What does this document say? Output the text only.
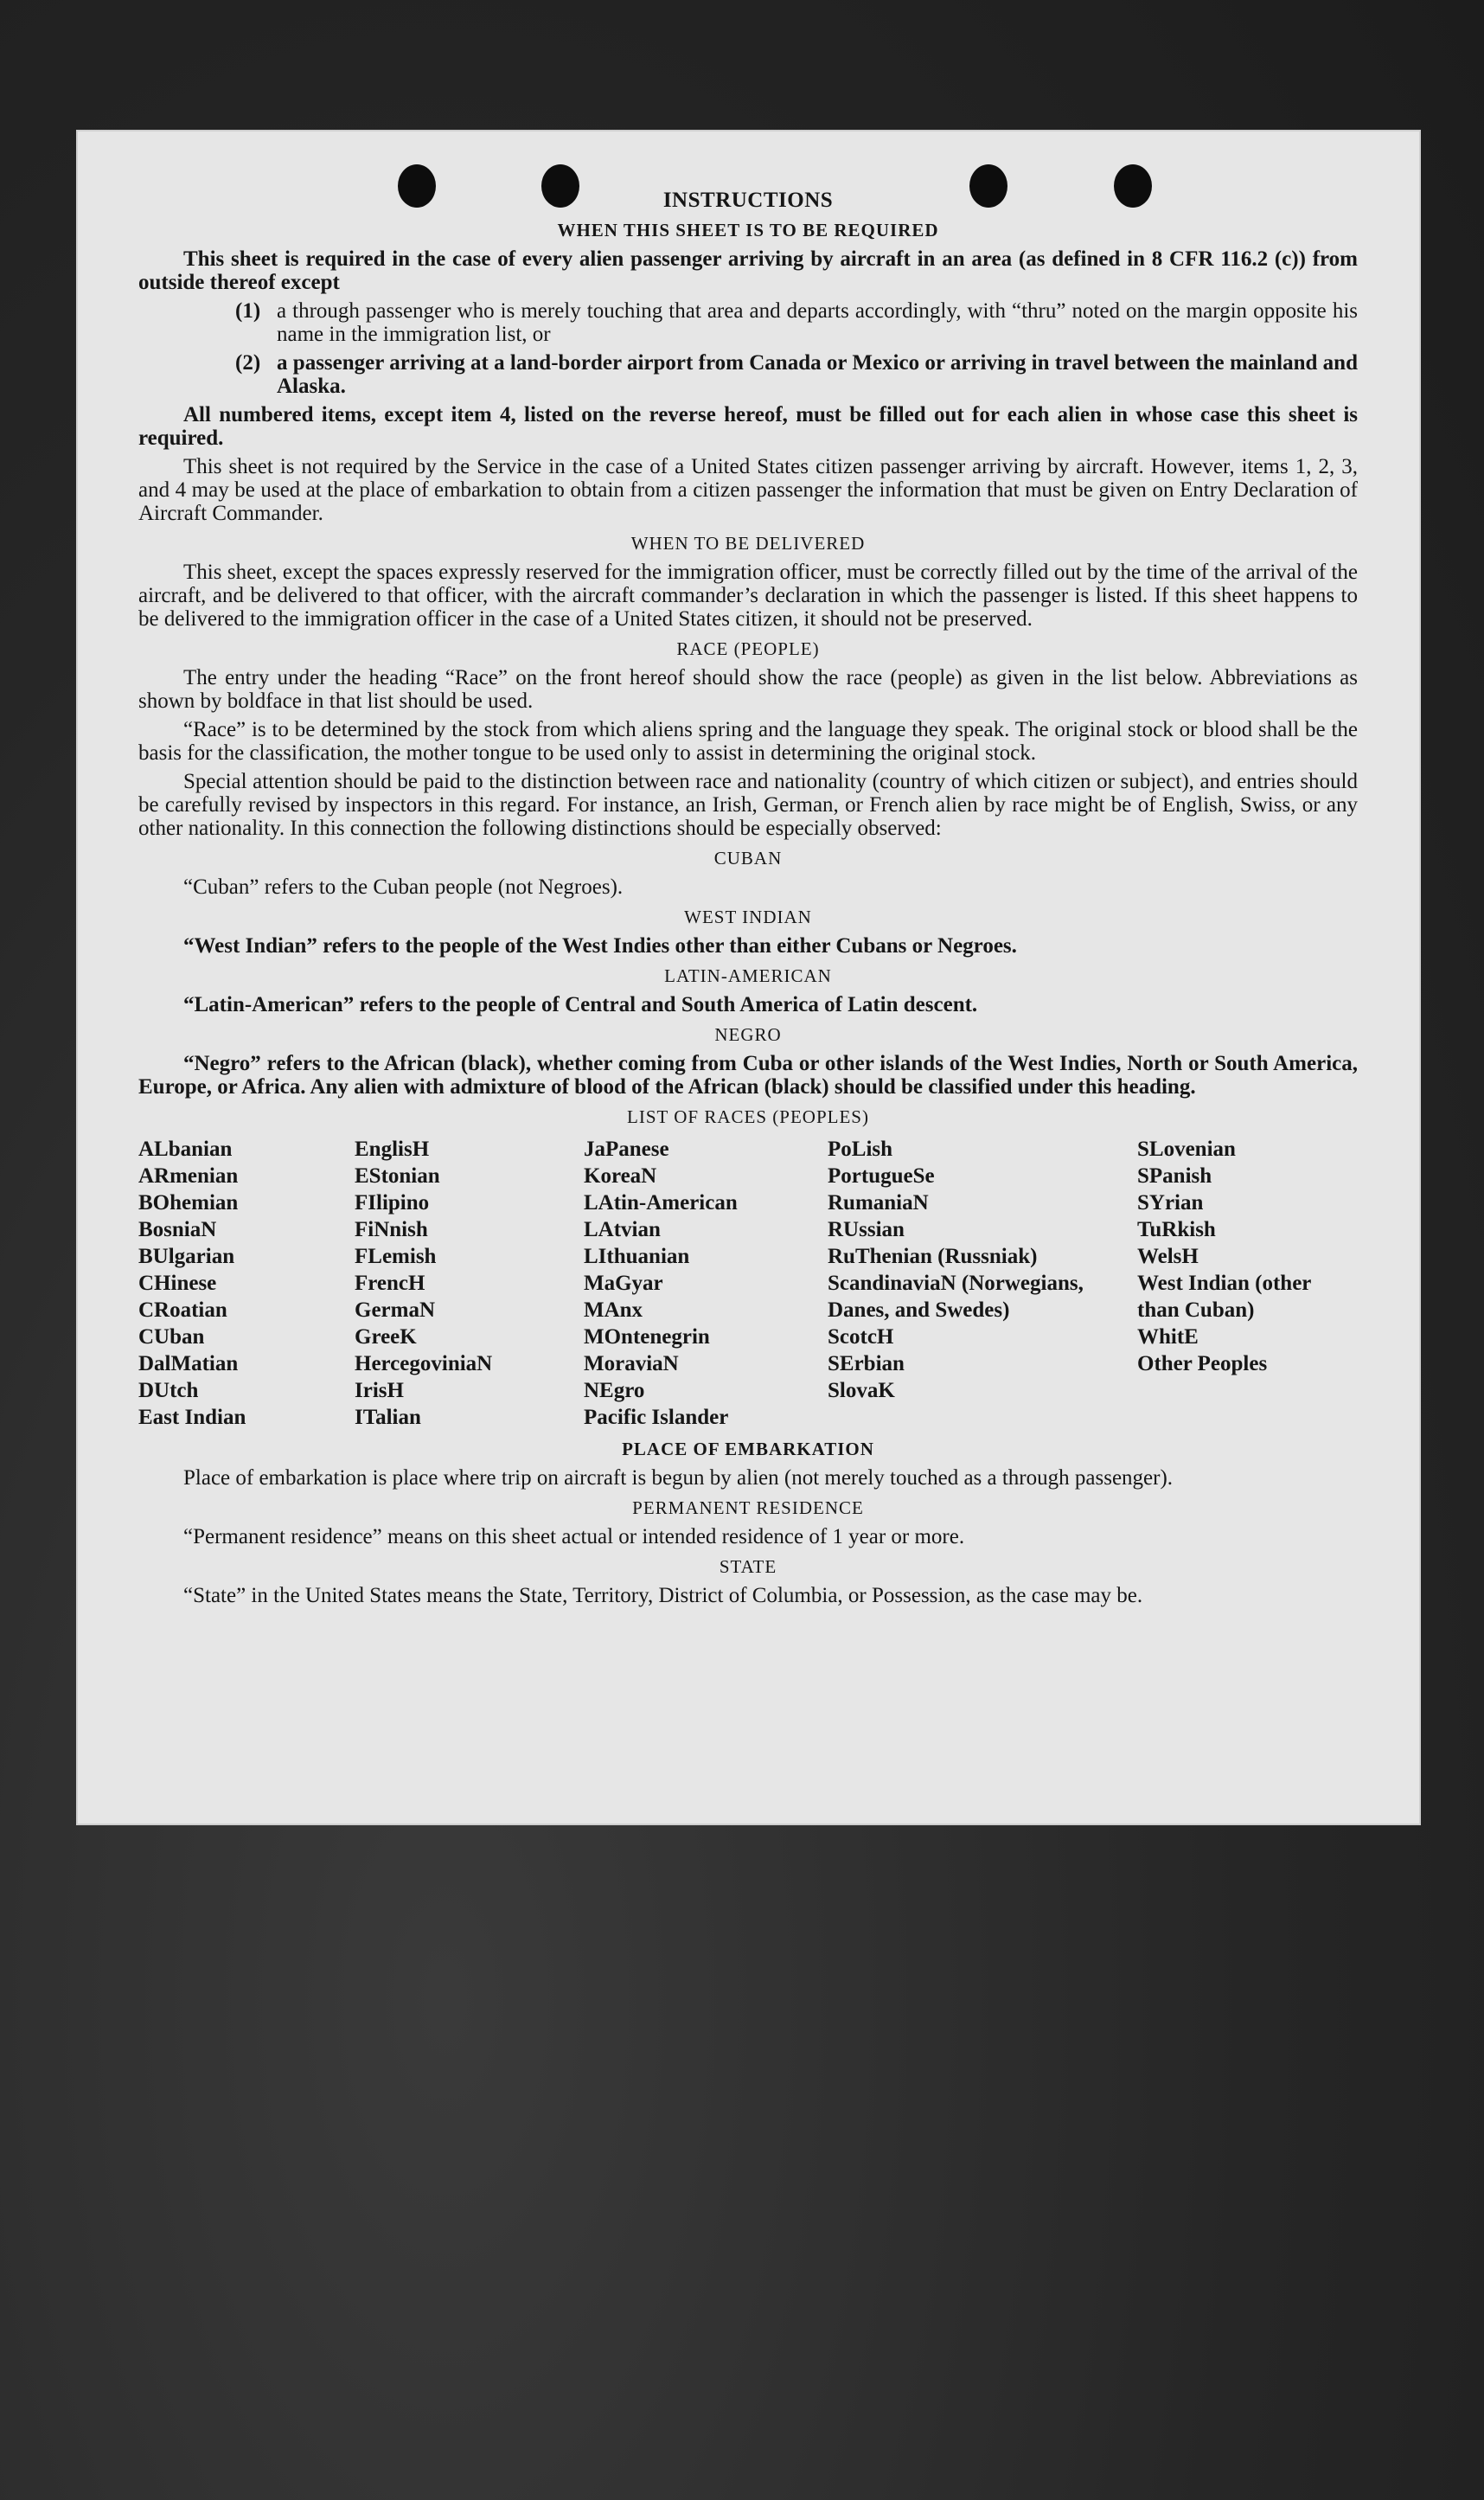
INSTRUCTIONS
WHEN THIS SHEET IS TO BE REQUIRED

This sheet is required in the case of every alien passenger arriving by aircraft in an area (as defined in 8 CFR 116.2 (c)) from outside thereof except

(1) a through passenger who is merely touching that area and departs accordingly, with “thru” noted on the margin opposite his name in the immigration list, or
(2) a passenger arriving at a land-border airport from Canada or Mexico or arriving in travel between the mainland and Alaska.

All numbered items, except item 4, listed on the reverse hereof, must be filled out for each alien in whose case this sheet is required.

This sheet is not required by the Service in the case of a United States citizen passenger arriving by aircraft. However, items 1, 2, 3, and 4 may be used at the place of embarkation to obtain from a citizen passenger the information that must be given on Entry Declaration of Aircraft Commander.

WHEN TO BE DELIVERED

This sheet, except the spaces expressly reserved for the immigration officer, must be correctly filled out by the time of the arrival of the aircraft, and be delivered to that officer, with the aircraft commander’s declaration in which the passenger is listed. If this sheet happens to be delivered to the immigration officer in the case of a United States citizen, it should not be preserved.

RACE (PEOPLE)

The entry under the heading “Race” on the front hereof should show the race (people) as given in the list below. Abbreviations as shown by boldface in that list should be used.

“Race” is to be determined by the stock from which aliens spring and the language they speak. The original stock or blood shall be the basis for the classification, the mother tongue to be used only to assist in determining the original stock.

Special attention should be paid to the distinction between race and nationality (country of which citizen or subject), and entries should be carefully revised by inspectors in this regard. For instance, an Irish, German, or French alien by race might be of English, Swiss, or any other nationality. In this connection the following distinctions should be especially observed:

CUBAN

“Cuban” refers to the Cuban people (not Negroes).

WEST INDIAN

“West Indian” refers to the people of the West Indies other than either Cubans or Negroes.

LATIN-AMERICAN

“Latin-American” refers to the people of Central and South America of Latin descent.

NEGRO

“Negro” refers to the African (black), whether coming from Cuba or other islands of the West Indies, North or South America, Europe, or Africa. Any alien with admixture of blood of the African (black) should be classified under this heading.

LIST OF RACES (PEOPLES)
ALbanian
ARmenian
BOhemian
BosniaN
BUlgarian
CHinese
CRoatian
CUban
DalMatian
DUtch
East Indian
EnglisH
EStonian
FIlipino
FiNnish
FLemish
FrencH
GermaN
GreeK
HercegovinіaN
IrisH
ITalian
JaPanese
KoreaN
LAtin-American
LAtvian
LIthuanian
MaGyar
MAnx
MOntenegrin
MoraviaN
NEgro
Pacific Islander
PoLish
PortugueSe
RumaniaN
RUssian
RuThenian (Russniak)
ScandinaviaN (Norwegians, Danes, and Swedes)
ScotcH
SErbian
SlovaK
SLovenian
SPanish
SYrian
TuRkish
WelsH
West Indian (other than Cuban)
WhitE
Other Peoples
PLACE OF EMBARKATION

Place of embarkation is place where trip on aircraft is begun by alien (not merely touched as a through passenger).

PERMANENT RESIDENCE

“Permanent residence” means on this sheet actual or intended residence of 1 year or more.

STATE

“State” in the United States means the State, Territory, District of Columbia, or Possession, as the case may be.
